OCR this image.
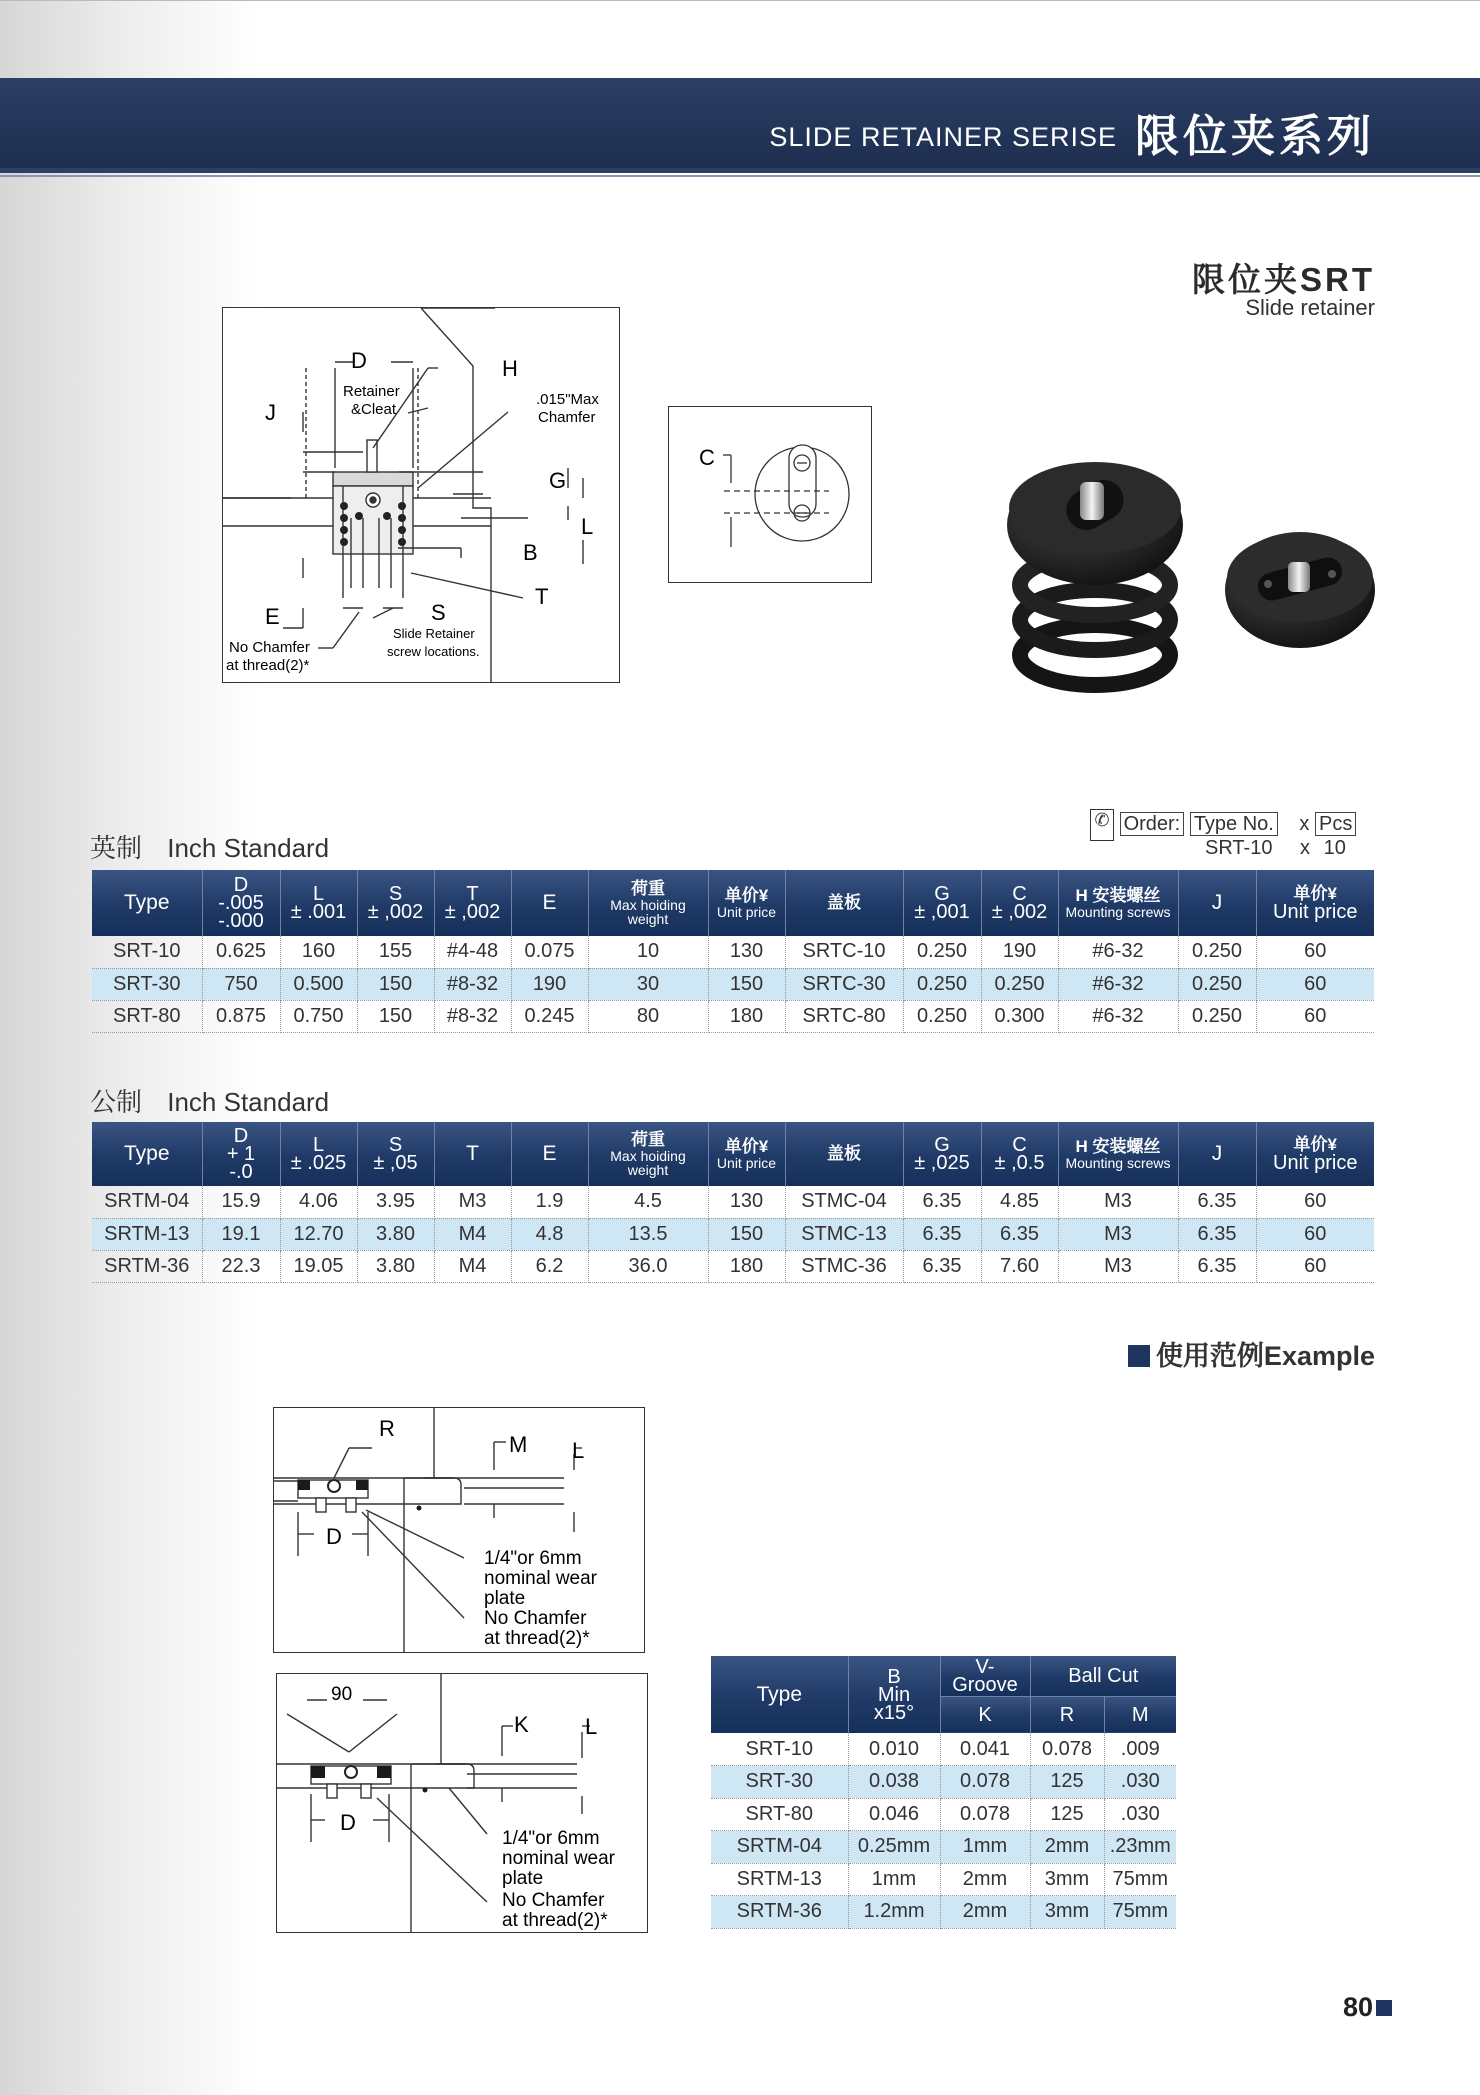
SLIDE RETAINER SERISE 限位夹系列
限位夹SRT
Slide retainer
D
Retainer
&Cleat
H
.015"Max
Chamfer
J
G
L
B
T
E	S
Slide Retainer
screw locations.
No Chamfer
at thread(2)*
C
✆ Order: Type No. x Pcs
SRT-10 x 10
英制 Inch Standard
Type	D
-.005
-.000	L
± .001	S
± ,002	T
± ,002	E	荷重
Max hoiding
weight	单价¥
Unit price	盖板	G
± ,001	C
± ,002	H 安装螺丝
Mounting screws	J	单价¥
Unit price

SRT-10	0.625	160	155	#4-48	0.075	10	130	SRTC-10	0.250	190	#6-32	0.250	60
SRT-30	750	0.500	150	#8-32	190	30	150	SRTC-30	0.250	0.250	#6-32	0.250	60
SRT-80	0.875	0.750	150	#8-32	0.245	80	180	SRTC-80	0.250	0.300	#6-32	0.250	60
公制 Inch Standard
Type	D
+ 1
-.0	L
± .025	S
± ,05	T	E	荷重
Max hoiding
weight	单价¥
Unit price	盖板	G
± ,025	C
± ,0.5	H 安装螺丝
Mounting screws	J	单价¥
Unit price

SRTM-04	15.9	4.06	3.95	M3	1.9	4.5	130	STMC-04	6.35	4.85	M3	6.35	60
SRTM-13	19.1	12.70	3.80	M4	4.8	13.5	150	STMC-13	6.35	6.35	M3	6.35	60
SRTM-36	22.3	19.05	3.80	M4	6.2	36.0	180	STMC-36	6.35	7.60	M3	6.35	60
使用范例Example
R
M L
D
1/4"or 6mm
nominal wear
plate
No Chamfer
at thread(2)*
90
K	L
D
1/4"or 6mm
nominal wear
plate
No Chamfer
at thread(2)*
Type	B
Min
x15°	V-
Groove	Ball Cut	
		K	R	M
SRT-10	0.010	0.041	0.078	.009
SRT-30	0.038	0.078	125	.030
SRT-80	0.046	0.078	125	.030
SRTM-04	0.25mm	1mm	2mm	.23mm
SRTM-13	1mm	2mm	3mm	75mm
SRTM-36	1.2mm	2mm	3mm	75mm
80
